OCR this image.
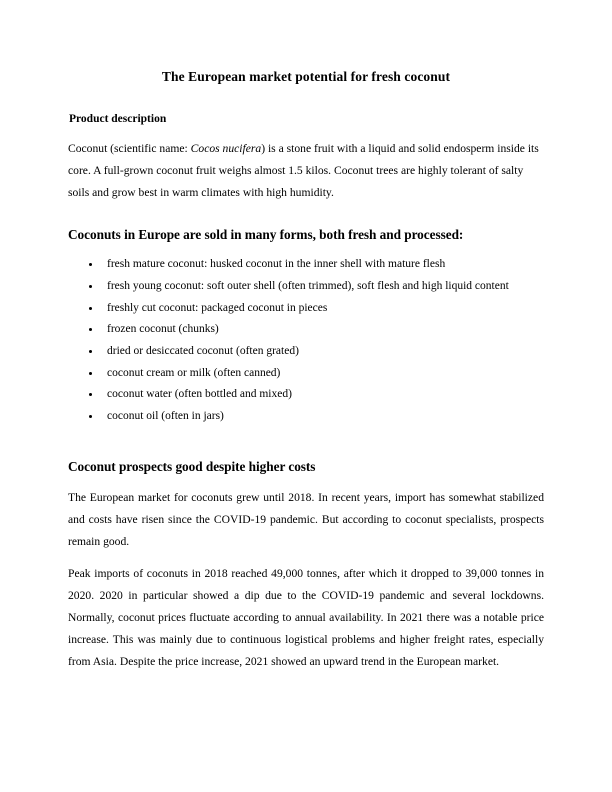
The European market potential for fresh coconut
Product description

Coconut (scientific name: Cocos nucifera) is a stone fruit with a liquid and solid endosperm inside its core. A full-grown coconut fruit weighs almost 1.5 kilos. Coconut trees are highly tolerant of salty soils and grow best in warm climates with high humidity.

Coconuts in Europe are sold in many forms, both fresh and processed:
fresh mature coconut: husked coconut in the inner shell with mature flesh
fresh young coconut: soft outer shell (often trimmed), soft flesh and high liquid content
freshly cut coconut: packaged coconut in pieces
frozen coconut (chunks)
dried or desiccated coconut (often grated)
coconut cream or milk (often canned)
coconut water (often bottled and mixed)
coconut oil (often in jars)
Coconut prospects good despite higher costs

The European market for coconuts grew until 2018. In recent years, import has somewhat stabilized and costs have risen since the COVID-19 pandemic. But according to coconut specialists, prospects remain good.

Peak imports of coconuts in 2018 reached 49,000 tonnes, after which it dropped to 39,000 tonnes in 2020. 2020 in particular showed a dip due to the COVID-19 pandemic and several lockdowns. Normally, coconut prices fluctuate according to annual availability. In 2021 there was a notable price increase. This was mainly due to continuous logistical problems and higher freight rates, especially from Asia. Despite the price increase, 2021 showed an upward trend in the European market.
